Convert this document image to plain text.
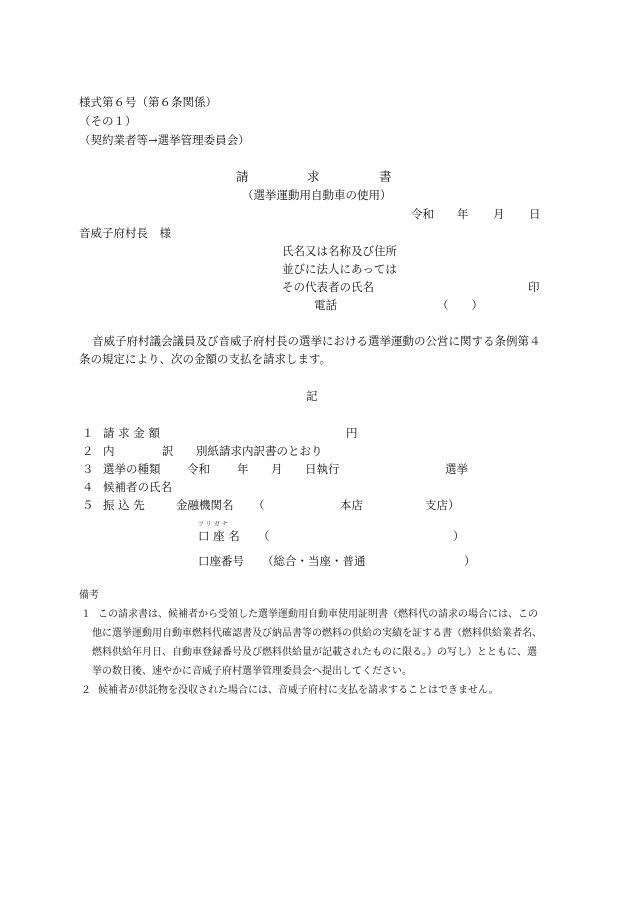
様式第６号（第６条関係）
（その１）
（契約業者等→選挙管理委員会）
請	求	書
（選挙運動用自動車の使用）
令和 年 月 日
音威子府村長　様
氏名又は名称及び住所
並びに法人にあっては
その代表者の氏名	印
電話	（　　）
音威子府村議会議員及び音威子府村長の選挙における選挙運動の公営に関する条例第４
条の規定により、次の金額の支払を請求します。
記
１ 請 求 金 額	円
２ 内	訳 別紙請求内訳書のとおり
３ 選挙の種類 令和 年 月 日執行	選挙
４ 候補者の氏名
５ 振 込 先	金融機関名 （	本店	支店）
フリガナ
口 座 名 （	）
口座番号 （総合・当座・普通	）
備考
１ この請求書は、候補者から受領した選挙運動用自動車使用証明書（燃料代の請求の場合には、この
他に選挙運動用自動車燃料代確認書及び納品書等の燃料の供給の実績を証する書（燃料供給業者名、
燃料供給年月日、自動車登録番号及び燃料供給量が記載されたものに限る。）の写し）とともに、選
挙の数日後、速やかに音威子府村選挙管理委員会へ提出してください。
２ 候補者が供託物を没収された場合には、音威子府村に支払を請求することはできません。
